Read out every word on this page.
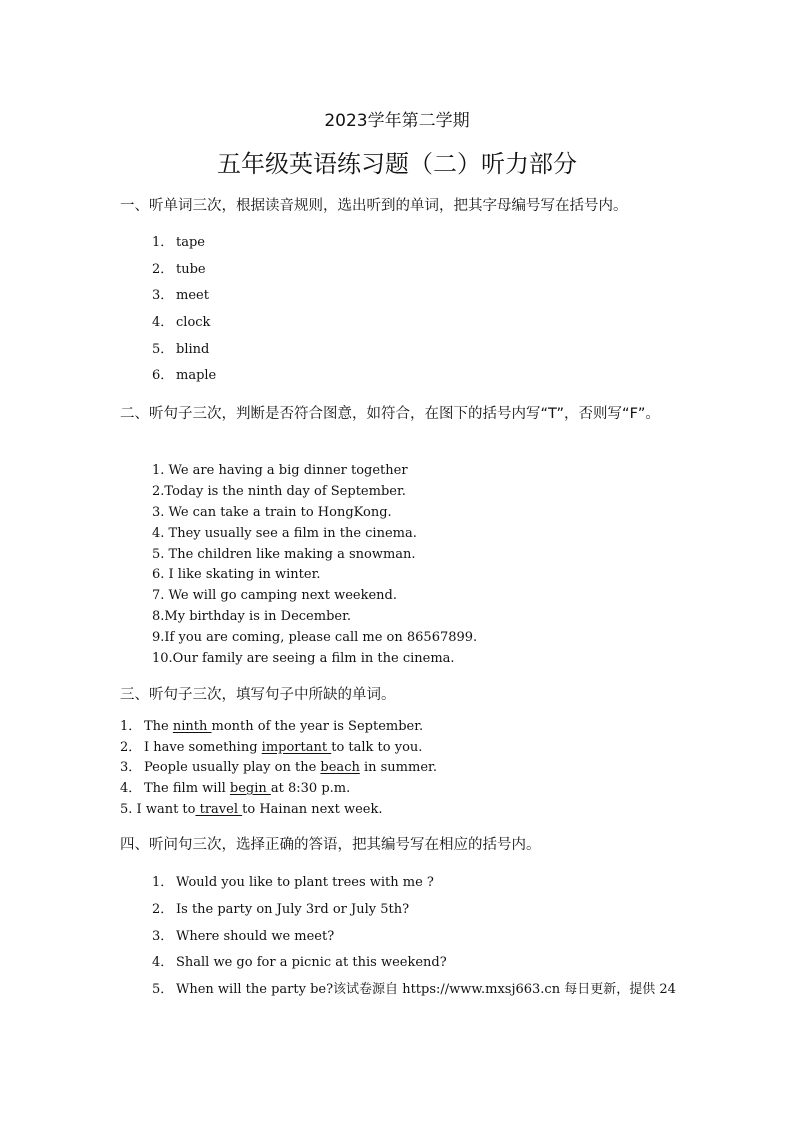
2023学年第二学期
五年级英语练习题（二）听力部分
一、听单词三次，根据读音规则，选出听到的单词，把其字母编号写在括号内。
1． tape
2． tube
3． meet
4． clock
5． blind
6． maple
二、听句子三次，判断是否符合图意，如符合，在图下的括号内写“T”，否则写“F”。
1. We are having a big dinner together
2.Today is the ninth day of September.
3. We can take a train to HongKong.
4. They usually see a film in the cinema.
5. The children like making a snowman.
6. I like skating in winter.
7. We will go camping next weekend.
8.My birthday is in December.
9.If you are coming, please call me on 86567899.
10.Our family are seeing a film in the cinema.
三、听句子三次，填写句子中所缺的单词。
1． The ninth month of the year is September.
2． I have something important to talk to you.
3． People usually play on the beach in summer.
4． The film will begin at 8:30 p.m.
5. I want to travel to Hainan next week.
四、听问句三次，选择正确的答语，把其编号写在相应的括号内。
1． Would you like to plant trees with me ?
2． Is the party on July 3rd or July 5th?
3． Where should we meet?
4． Shall we go for a picnic at this weekend?
5． When will the party be?该试卷源自 https://www.mxsj663.cn 每日更新，提供 24
